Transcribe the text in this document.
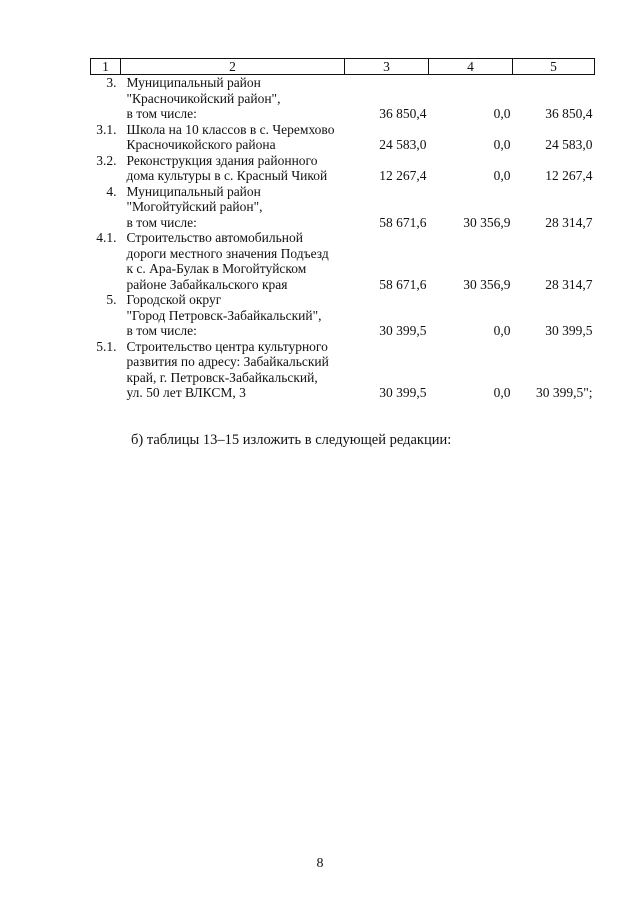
1	2	3	4	5
3.	Муниципальный район
"Красночикойский район",
в том числе:	36 850,4	0,0	36 850,4
3.1.	Школа на 10 классов в с. Черемхово
Красночикойского района	24 583,0	0,0	24 583,0
3.2.	Реконструкция здания районного
дома культуры в с. Красный Чикой	12 267,4	0,0	12 267,4
4.	Муниципальный район
"Могойтуйский район",
в том числе:	58 671,6	30 356,9	28 314,7
4.1.	Строительство автомобильной
дороги местного значения Подъезд
к с. Ара-Булак в Могойтуйском
районе Забайкальского края	58 671,6	30 356,9	28 314,7
5.	Городской округ
"Город Петровск-Забайкальский",
в том числе:	30 399,5	0,0	30 399,5
5.1.	Строительство центра культурного
развития по адресу: Забайкальский
край, г. Петровск-Забайкальский,
ул. 50 лет ВЛКСМ, 3	30 399,5	0,0	30 399,5";
б) таблицы 13–15 изложить в следующей редакции:
8
